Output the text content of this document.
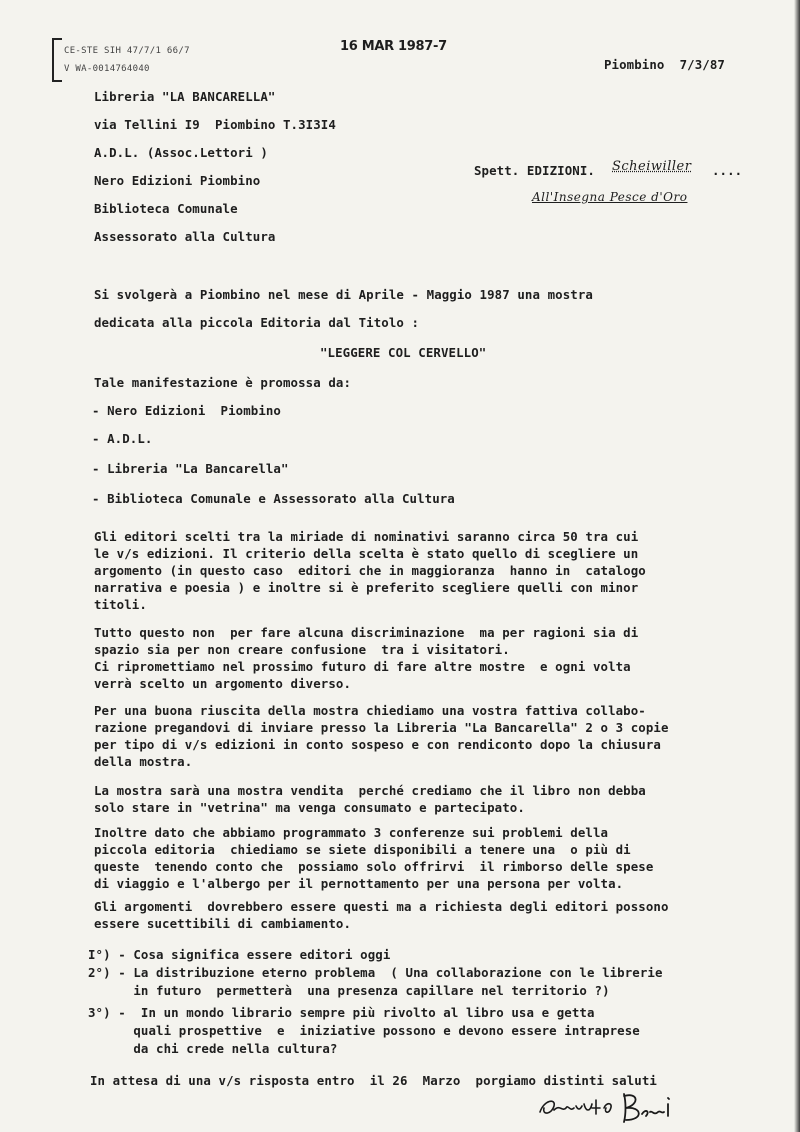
CE-STE SIH 47/7/1 66/7
V WA-0014764040
16 MAR 1987-7
Piombino  7/3/87
Libreria "LA BANCARELLA"
via Tellini I9  Piombino T.3I3I4
A.D.L. (Assoc.Lettori )
Nero Edizioni Piombino
Biblioteca Comunale
Assessorato alla Cultura
Spett. EDIZIONI. Scheiwiller ....
All'Insegna Pesce d'Oro
Si svolgerà a Piombino nel mese di Aprile - Maggio 1987 una mostra
dedicata alla piccola Editoria dal Titolo :
"LEGGERE COL CERVELLO"
Tale manifestazione è promossa da:
- Nero Edizioni  Piombino
- A.D.L.
- Libreria "La Bancarella"
- Biblioteca Comunale e Assessorato alla Cultura
Gli editori scelti tra la miriade di nominativi saranno circa 50 tra cui
le v/s edizioni. Il criterio della scelta è stato quello di scegliere un
argomento (in questo caso  editori che in maggioranza  hanno in  catalogo
narrativa e poesia ) e inoltre si è preferito scegliere quelli con minor
titoli.
Tutto questo non  per fare alcuna discriminazione  ma per ragioni sia di
spazio sia per non creare confusione  tra i visitatori.
Ci ripromettiamo nel prossimo futuro di fare altre mostre  e ogni volta
verrà scelto un argomento diverso.
Per una buona riuscita della mostra chiediamo una vostra fattiva collabo-
razione pregandovi di inviare presso la Libreria "La Bancarella" 2 o 3 copie
per tipo di v/s edizioni in conto sospeso e con rendiconto dopo la chiusura
della mostra.
La mostra sarà una mostra vendita  perché crediamo che il libro non debba
solo stare in "vetrina" ma venga consumato e partecipato.
Inoltre dato che abbiamo programmato 3 conferenze sui problemi della
piccola editoria  chiediamo se siete disponibili a tenere una  o più di
queste  tenendo conto che  possiamo solo offrirvi  il rimborso delle spese
di viaggio e l'albergo per il pernottamento per una persona per volta.
Gli argomenti  dovrebbero essere questi ma a richiesta degli editori possono
essere sucettibili di cambiamento.
I°) - Cosa significa essere editori oggi
2°) - La distribuzione eterno problema  ( Una collaborazione con le librerie
in futuro  permetterà  una presenza capillare nel territorio ?)
3°) -  In un mondo librario sempre più rivolto al libro usa e getta
quali prospettive  e  iniziative possono e devono essere intraprese
da chi crede nella cultura?
In attesa di una v/s risposta entro  il 26  Marzo  porgiamo distinti saluti
